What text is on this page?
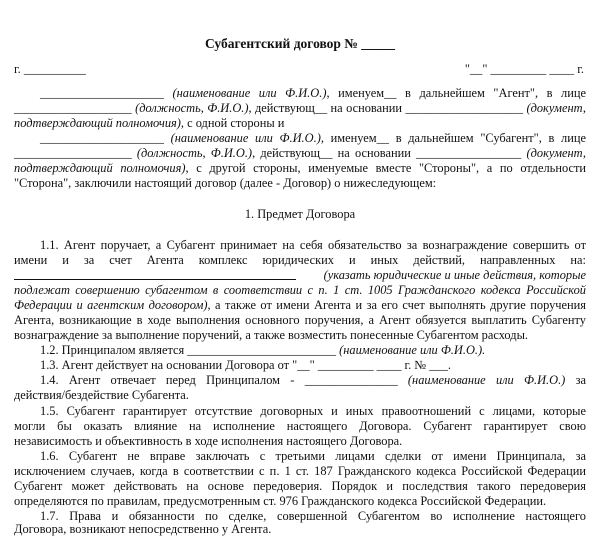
Субагентский договор № _____
г. __________	"__" _________ ____ г.
____________________ (наименование или Ф.И.О.), именуем__ в дальнейшем "Агент", в лице
___________________ (должность, Ф.И.О.), действующ__ на основании ___________________ (документ,
подтверждающий полномочия), с одной стороны и
____________________ (наименование или Ф.И.О.), именуем__ в дальнейшем "Субагент", в лице
___________________ (должность, Ф.И.О.), действующ__ на основании _________________ (документ,
подтверждающий полномочия), с другой стороны, именуемые вместе "Стороны", а по отдельности
"Сторона", заключили настоящий договор (далее - Договор) о нижеследующем:
1. Предмет Договора
1.1. Агент поручает, а Субагент принимает на себя обязательство за вознаграждение совершить от
имени и за счет Агента комплекс юридических и иных действий, направленных на:
(указать юридические и иные действия, которые
подлежат совершению субагентом в соответствии с п. 1 ст. 1005 Гражданского кодекса Российской
Федерации и агентским договором), а также от имени Агента и за его счет выполнять другие поручения
Агента, возникающие в ходе выполнения основного поручения, а Агент обязуется выплатить Субагенту
вознаграждение за выполнение поручений, а также возместить понесенные Субагентом расходы.
1.2. Принципалом является ________________________ (наименование или Ф.И.О.).
1.3. Агент действует на основании Договора от "__" _________ ____ г. № ___.
1.4. Агент отвечает перед Принципалом - _______________ (наименование или Ф.И.О.) за
действия/бездействие Субагента.
1.5. Субагент гарантирует отсутствие договорных и иных правоотношений с лицами, которые
могли бы оказать влияние на исполнение настоящего Договора. Субагент гарантирует свою
независимость и объективность в ходе исполнения настоящего Договора.
1.6. Субагент не вправе заключать с третьими лицами сделки от имени Принципала, за
исключением случаев, когда в соответствии с п. 1 ст. 187 Гражданского кодекса Российской Федерации
Субагент может действовать на основе передоверия. Порядок и последствия такого передоверия
определяются по правилам, предусмотренным ст. 976 Гражданского кодекса Российской Федерации.
1.7. Права и обязанности по сделке, совершенной Субагентом во исполнение настоящего
Договора, возникают непосредственно у Агента.
